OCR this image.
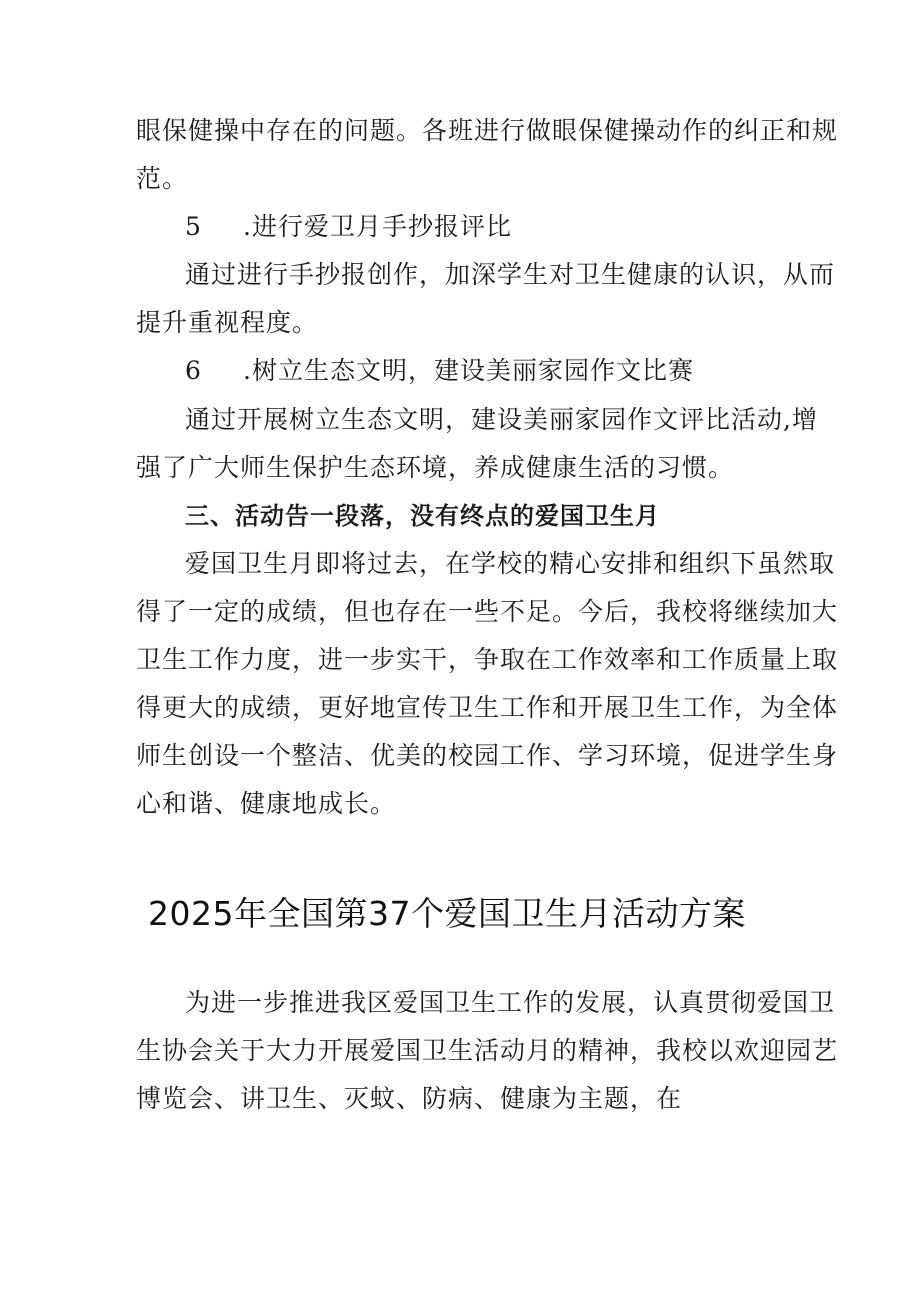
眼保健操中存在的问题。各班进行做眼保健操动作的纠正和规
范。
5 .进行爱卫月手抄报评比
通过进行手抄报创作，加深学生对卫生健康的认识，从而
提升重视程度。
6 .树立生态文明，建设美丽家园作文比赛
通过开展树立生态文明，建设美丽家园作文评比活动,增
强了广大师生保护生态环境，养成健康生活的习惯。
三、活动告一段落，没有终点的爱国卫生月
爱国卫生月即将过去，在学校的精心安排和组织下虽然取
得了一定的成绩，但也存在一些不足。今后，我校将继续加大
卫生工作力度，进一步实干，争取在工作效率和工作质量上取
得更大的成绩，更好地宣传卫生工作和开展卫生工作，为全体
师生创设一个整洁、优美的校园工作、学习环境，促进学生身
心和谐、健康地成长。
2025年全国第37个爱国卫生月活动方案
为进一步推进我区爱国卫生工作的发展，认真贯彻爱国卫
生协会关于大力开展爱国卫生活动月的精神，我校以欢迎园艺
博览会、讲卫生、灭蚊、防病、健康为主题，在
